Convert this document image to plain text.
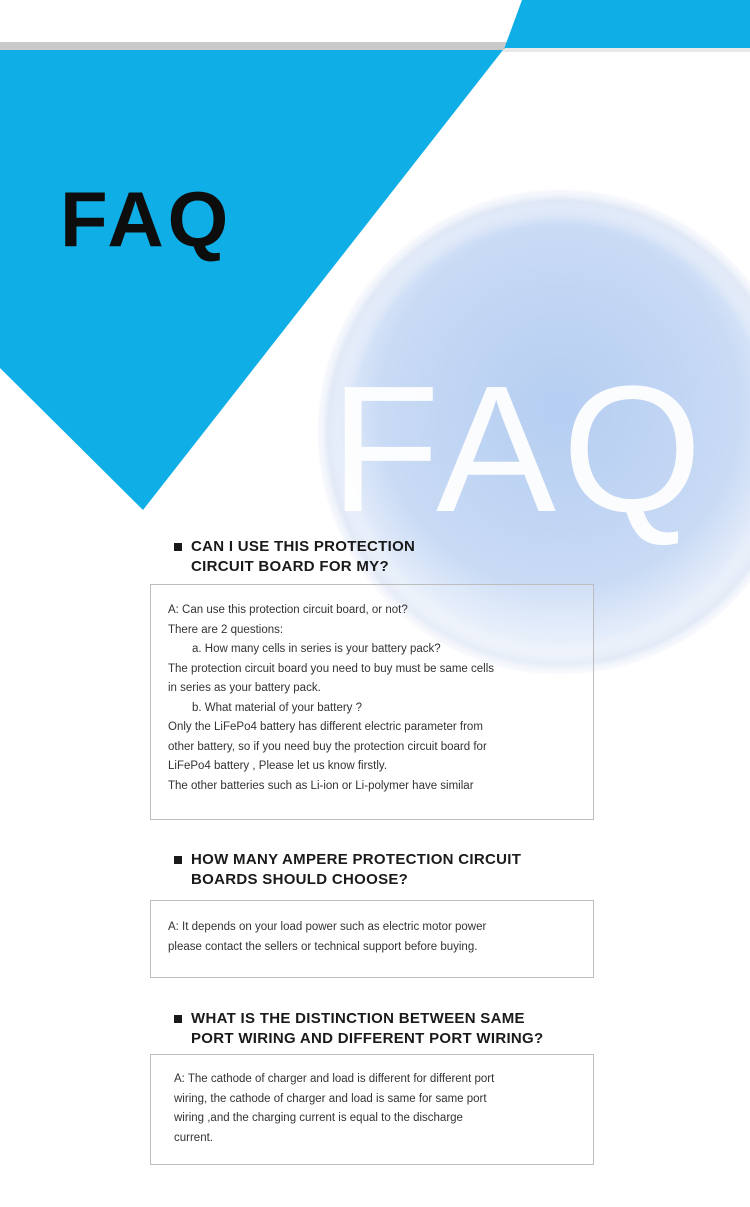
FAQ
FAQ
CAN I USE THIS PROTECTION
CIRCUIT BOARD FOR MY?
A: Can use this protection circuit board, or not?
There are 2 questions:
a. How many cells in series is your battery pack?
The protection circuit board you need to buy must be same cells
in series as your battery pack.
b. What material of your battery ?
Only the LiFePo4 battery has different electric parameter from
other battery, so if you need buy the protection circuit board for
LiFePo4 battery , Please let us know firstly.
The other batteries such as Li-ion or Li-polymer have similar
HOW MANY AMPERE PROTECTION CIRCUIT
BOARDS SHOULD CHOOSE?
A: It depends on your load power such as electric motor power
please contact the sellers or technical support before buying.
WHAT IS THE DISTINCTION BETWEEN SAME
PORT WIRING AND DIFFERENT PORT WIRING?
A: The cathode of charger and load is different for different port
wiring, the cathode of charger and load is same for same port
wiring ,and the charging current is equal to the discharge
current.
